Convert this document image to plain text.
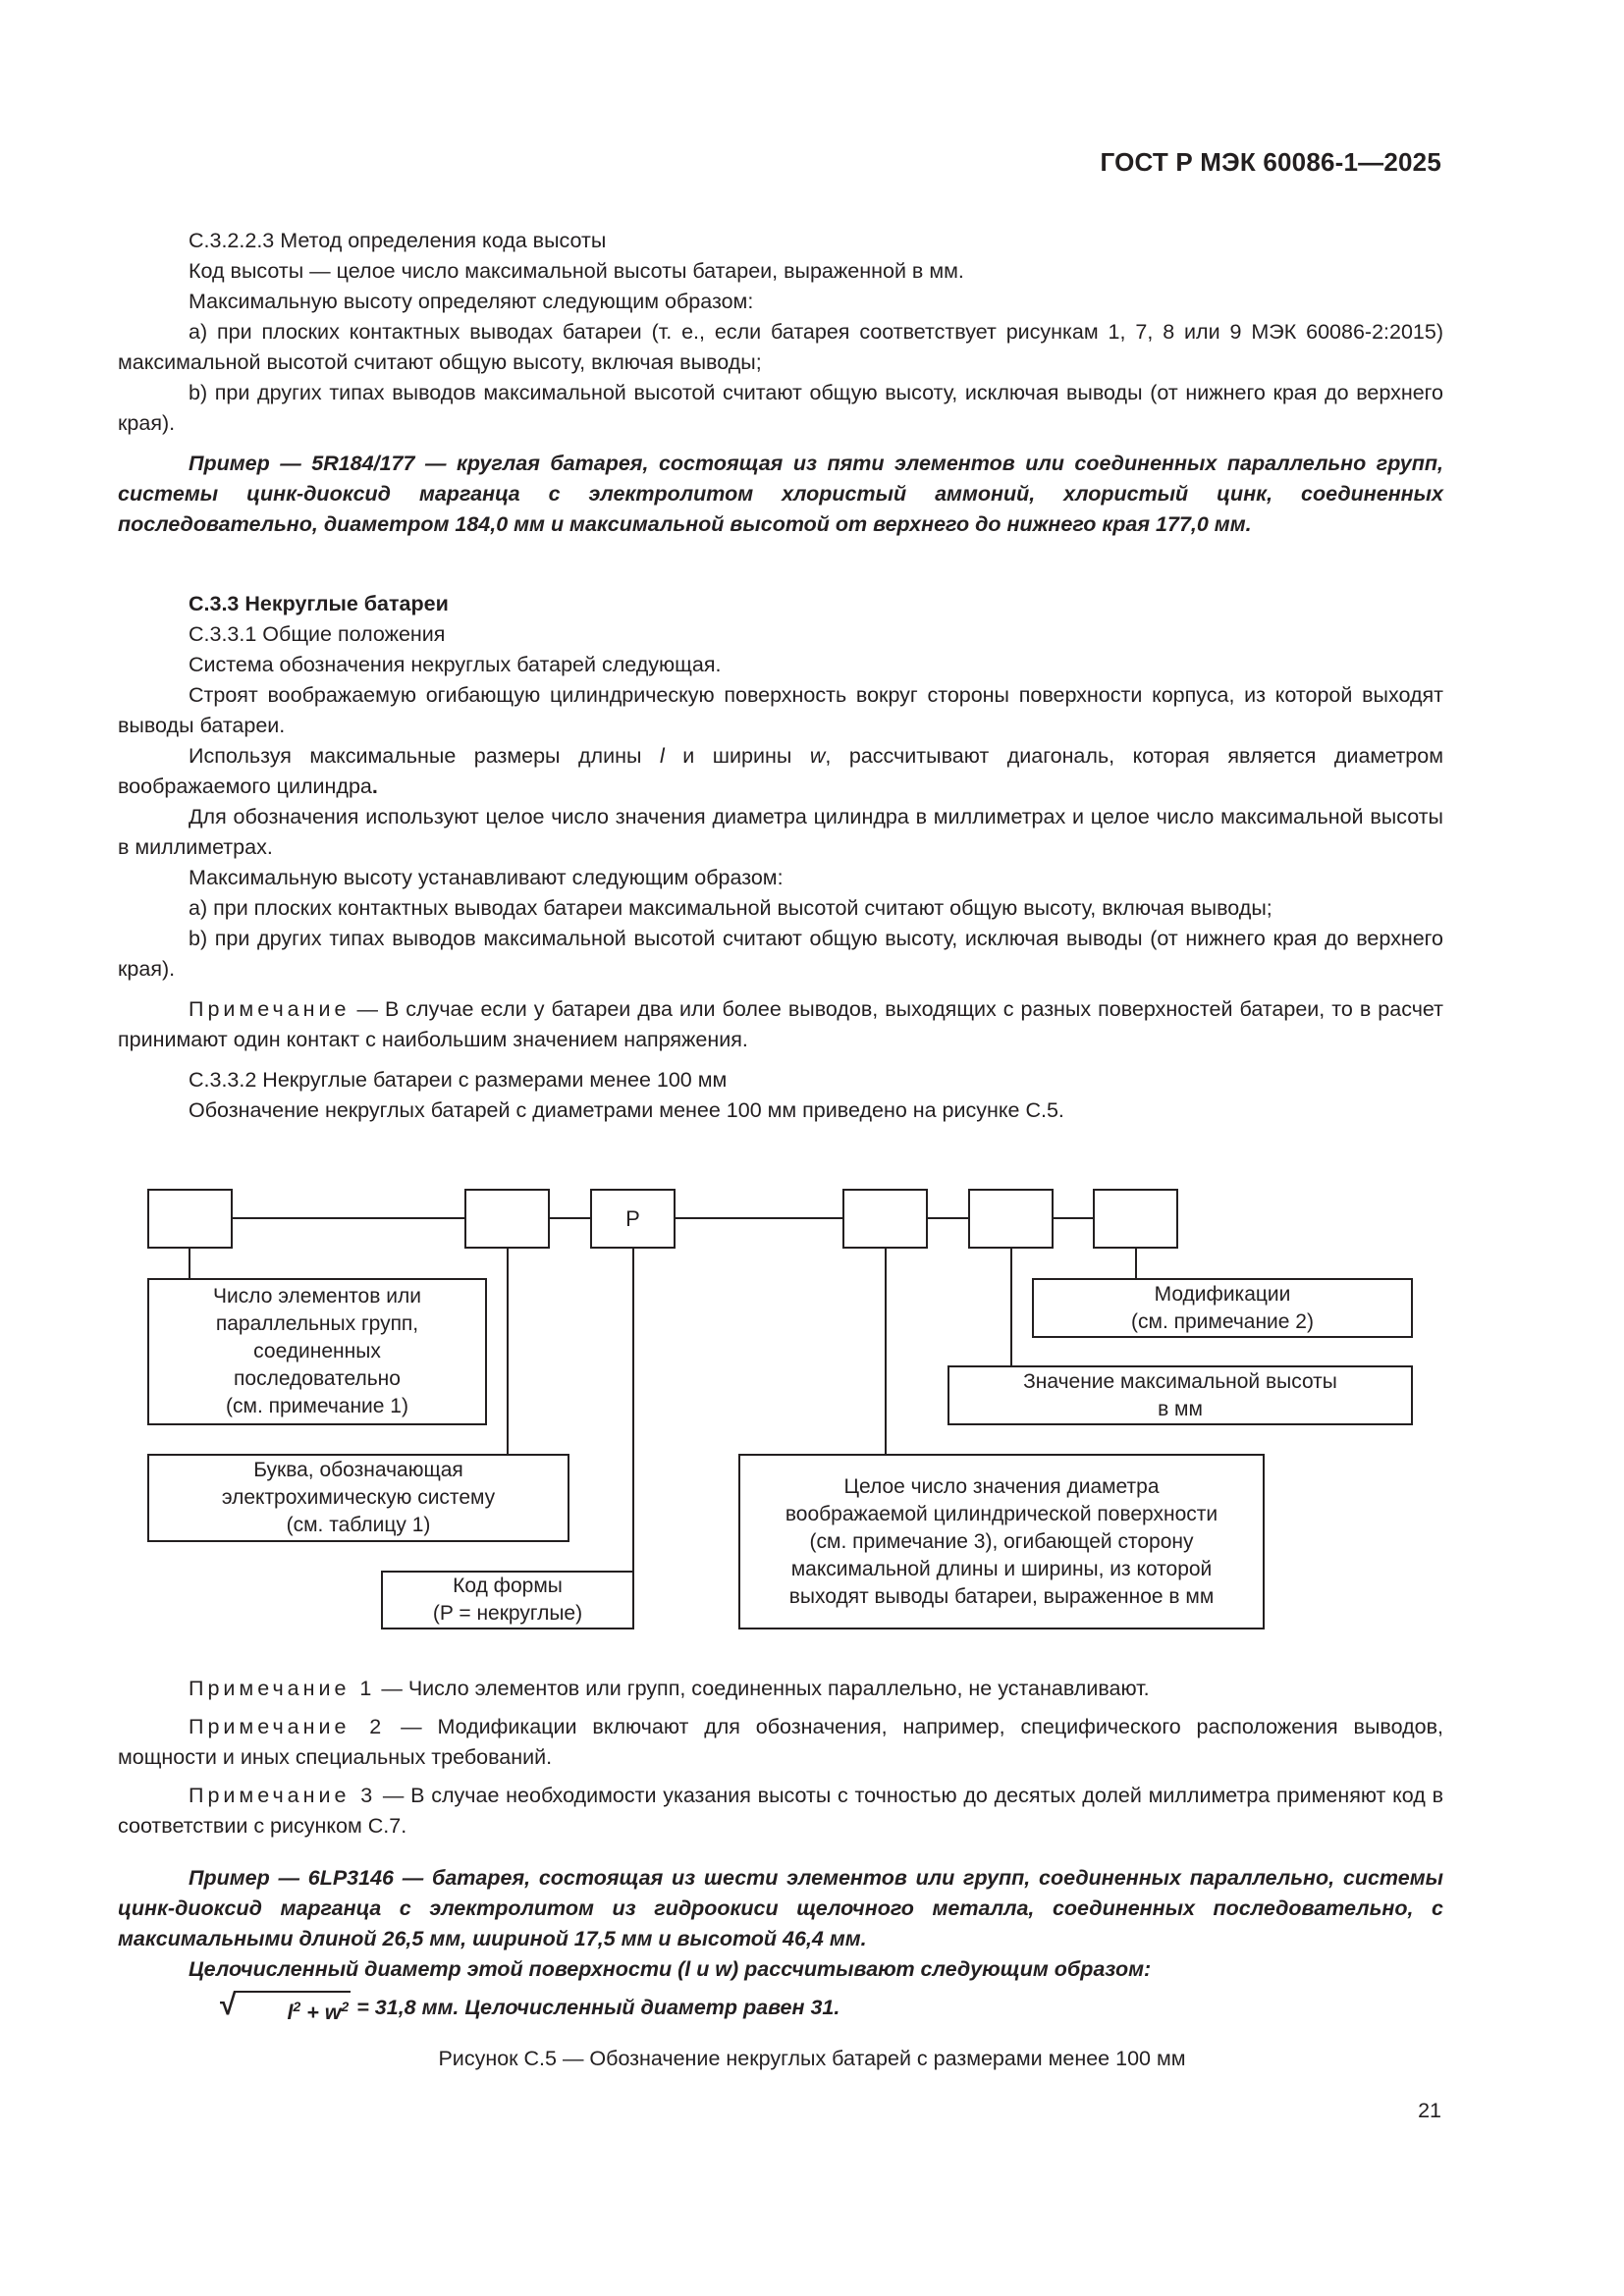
ГОСТ Р МЭК 60086-1—2025

С.3.2.2.3 Метод определения кода высоты

Код высоты — целое число максимальной высоты батареи, выраженной в мм.

Максимальную высоту определяют следующим образом:

a) при плоских контактных выводах батареи (т. е., если батарея соответствует рисункам 1, 7, 8 или 9 МЭК 60086-2:2015) максимальной высотой считают общую высоту, включая выводы;

b) при других типах выводов максимальной высотой считают общую высоту, исключая выводы (от нижнего края до верхнего края).

Пример — 5R184/177 — круглая батарея, состоящая из пяти элементов или соединенных параллельно групп, системы цинк-диоксид марганца с электролитом хлористый аммоний, хлористый цинк, соединенных последовательно, диаметром 184,0 мм и максимальной высотой от верхнего до нижнего края 177,0 мм.

С.3.3 Некруглые батареи

С.3.3.1 Общие положения

Система обозначения некруглых батарей следующая.

Строят воображаемую огибающую цилиндрическую поверхность вокруг стороны поверхности корпуса, из которой выходят выводы батареи.

Используя максимальные размеры длины l и ширины w, рассчитывают диагональ, которая является диаметром воображаемого цилиндра.

Для обозначения используют целое число значения диаметра цилиндра в миллиметрах и целое число максимальной высоты в миллиметрах.

Максимальную высоту устанавливают следующим образом:

a) при плоских контактных выводах батареи максимальной высотой считают общую высоту, включая выводы;

b) при других типах выводов максимальной высотой считают общую высоту, исключая выводы (от нижнего края до верхнего края).

Примечание — В случае если у батареи два или более выводов, выходящих с разных поверхностей батареи, то в расчет принимают один контакт с наибольшим значением напряжения.

С.3.3.2 Некруглые батареи с размерами менее 100 мм

Обозначение некруглых батарей с диаметрами менее 100 мм приведено на рисунке С.5.

P
Число элементов или
параллельных групп,
соединенных
последовательно
(см. примечание 1)
Буква, обозначающая
электрохимическую систему
(см. таблицу 1)
Код формы
(P = некруглые)
Целое число значения диаметра
воображаемой цилиндрической поверхности
(см. примечание 3), огибающей сторону
максимальной длины и ширины, из которой
выходят выводы батареи, выраженное в мм
Значение максимальной высоты
в мм
Модификации
(см. примечание 2)

Примечание 1 — Число элементов или групп, соединенных параллельно, не устанавливают.

Примечание 2 — Модификации включают для обозначения, например, специфического расположения выводов, мощности и иных специальных требований.

Примечание 3 — В случае необходимости указания высоты с точностью до десятых долей миллиметра применяют код в соответствии с рисунком С.7.

Пример — 6LP3146 — батарея, состоящая из шести элементов или групп, соединенных параллельно, системы цинк-диоксид марганца с электролитом из гидроокиси щелочного металла, соединенных последовательно, с максимальными длиной 26,5 мм, шириной 17,5 мм и высотой 46,4 мм.

Целочисленный диаметр этой поверхности (l и w) рассчитывают следующим образом:

√	$l^2 + w^2 = 31,8$ мм. Целочисленный диаметр равен 31.

Рисунок С.5 — Обозначение некруглых батарей с размерами менее 100 мм
21
